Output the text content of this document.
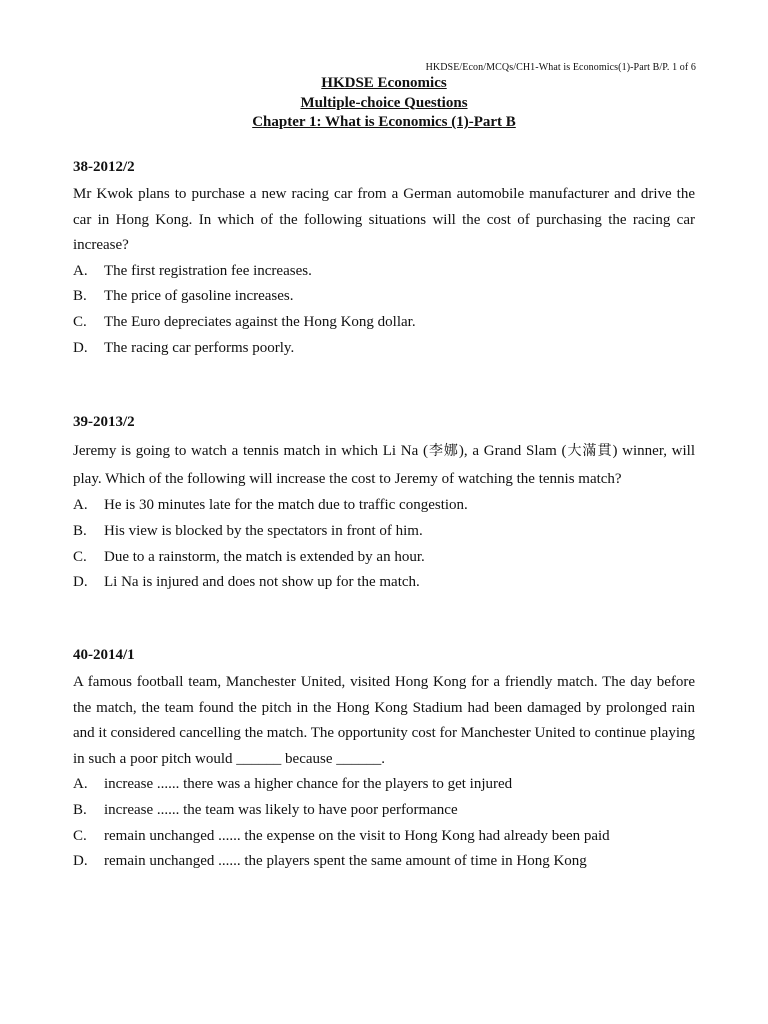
HKDSE/Econ/MCQs/CH1-What is Economics(1)-Part B/P. 1 of 6
HKDSE Economics
Multiple-choice Questions
Chapter 1: What is Economics (1)-Part B
38-2012/2

Mr Kwok plans to purchase a new racing car from a German automobile manufacturer and drive the car in Hong Kong. In which of the following situations will the cost of purchasing the racing car increase?

A.	The first registration fee increases.
B.	The price of gasoline increases.
C.	The Euro depreciates against the Hong Kong dollar.
D.	The racing car performs poorly.
39-2013/2

Jeremy is going to watch a tennis match in which Li Na (李娜), a Grand Slam (大滿貫) winner, will play. Which of the following will increase the cost to Jeremy of watching the tennis match?

A.	He is 30 minutes late for the match due to traffic congestion.
B.	His view is blocked by the spectators in front of him.
C.	Due to a rainstorm, the match is extended by an hour.
D.	Li Na is injured and does not show up for the match.
40-2014/1

A famous football team, Manchester United, visited Hong Kong for a friendly match. The day before the match, the team found the pitch in the Hong Kong Stadium had been damaged by prolonged rain and it considered cancelling the match. The opportunity cost for Manchester United to continue playing in such a poor pitch would ______ because ______.

A.	increase ...... there was a higher chance for the players to get injured
B.	increase ...... the team was likely to have poor performance
C.	remain unchanged ...... the expense on the visit to Hong Kong had already been paid
D.	remain unchanged ...... the players spent the same amount of time in Hong Kong
